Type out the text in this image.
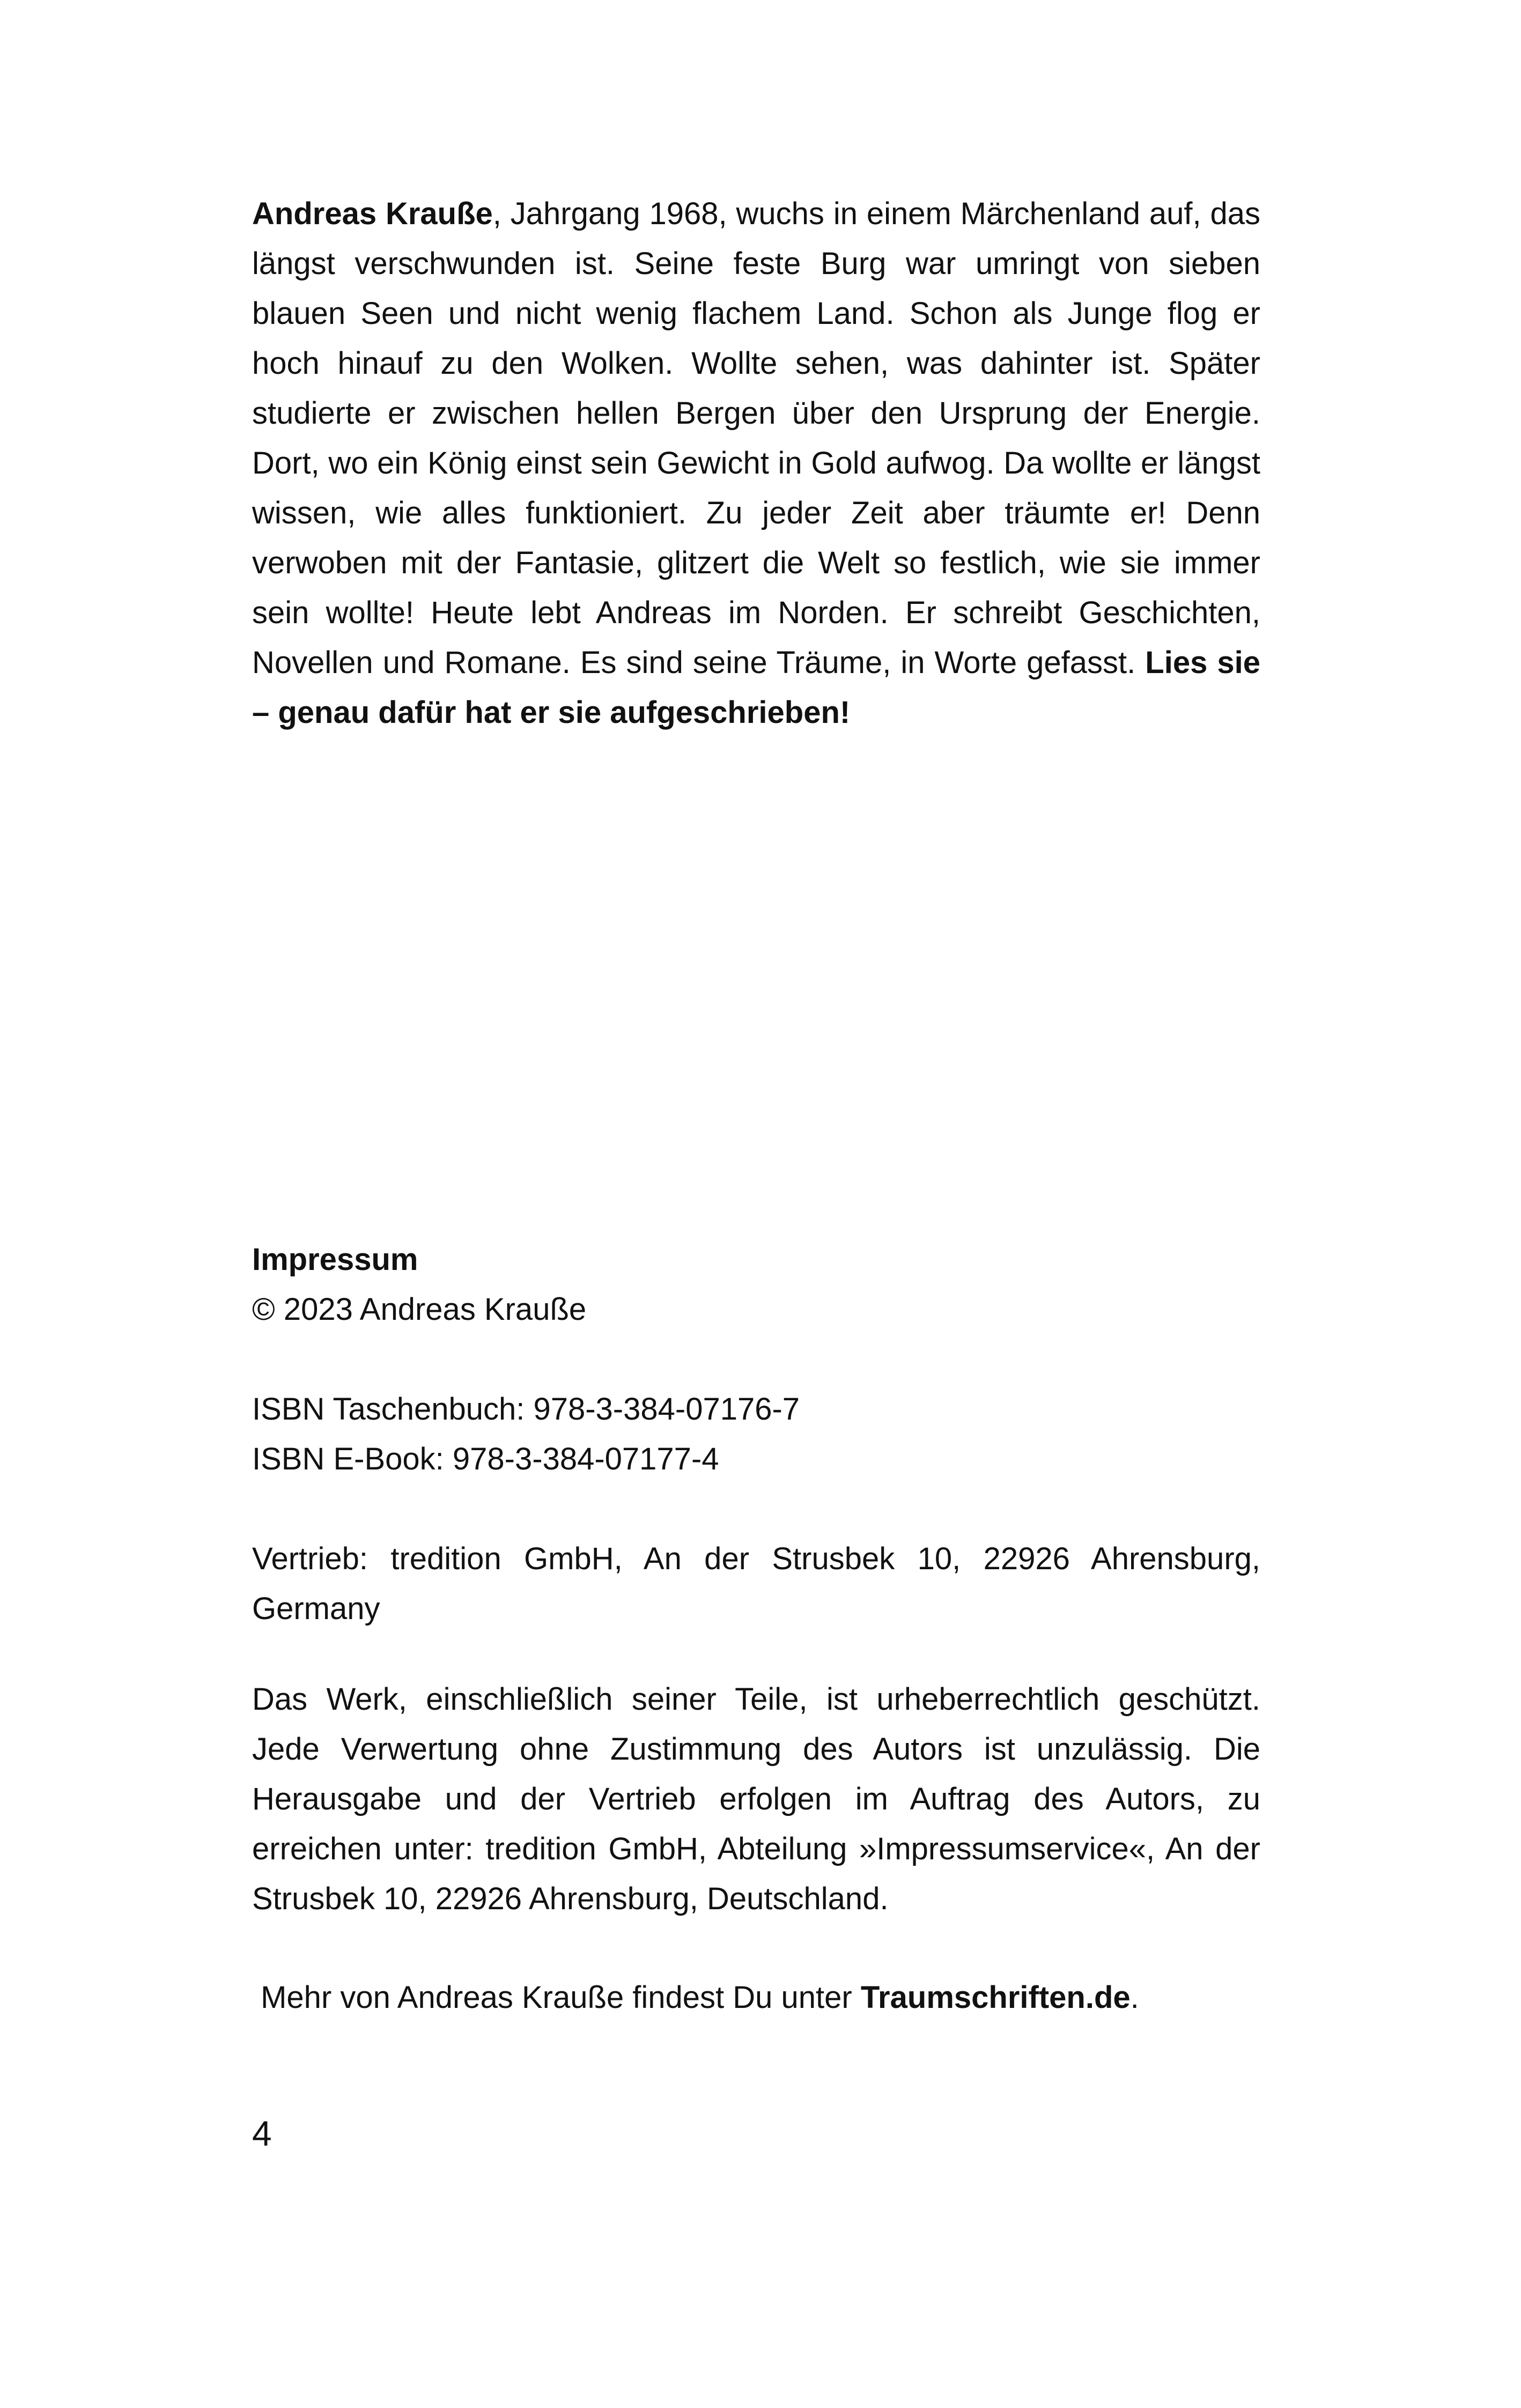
Andreas Krauße, Jahrgang 1968, wuchs in einem Märchenland auf, das längst verschwunden ist. Seine feste Burg war umringt von sieben blauen Seen und nicht wenig flachem Land. Schon als Junge flog er hoch hinauf zu den Wolken. Wollte sehen, was dahinter ist. Später studierte er zwischen hellen Bergen über den Ursprung der Energie. Dort, wo ein König einst sein Gewicht in Gold aufwog. Da wollte er längst wissen, wie alles funktioniert. Zu jeder Zeit aber träumte er! Denn verwoben mit der Fantasie, glitzert die Welt so festlich, wie sie immer sein wollte! Heute lebt Andreas im Norden. Er schreibt Geschichten, Novellen und Romane. Es sind seine Träume, in Worte gefasst. Lies sie – genau dafür hat er sie aufgeschrieben!
Impressum
© 2023 Andreas Krauße
ISBN Taschenbuch: 978-3-384-07176-7
ISBN E-Book: 978-3-384-07177-4
Vertrieb: tredition GmbH, An der Strusbek 10, 22926 Ahrensburg,
Germany
Das Werk, einschließlich seiner Teile, ist urheberrechtlich geschützt. Jede Verwertung ohne Zustimmung des Autors ist unzulässig. Die Herausgabe und der Vertrieb erfolgen im Auftrag des Autors, zu erreichen unter: tredition GmbH, Abteilung »Impressumservice«, An der Strusbek 10, 22926 Ahrensburg, Deutschland.
Mehr von Andreas Krauße findest Du unter Traumschriften.de.
4
